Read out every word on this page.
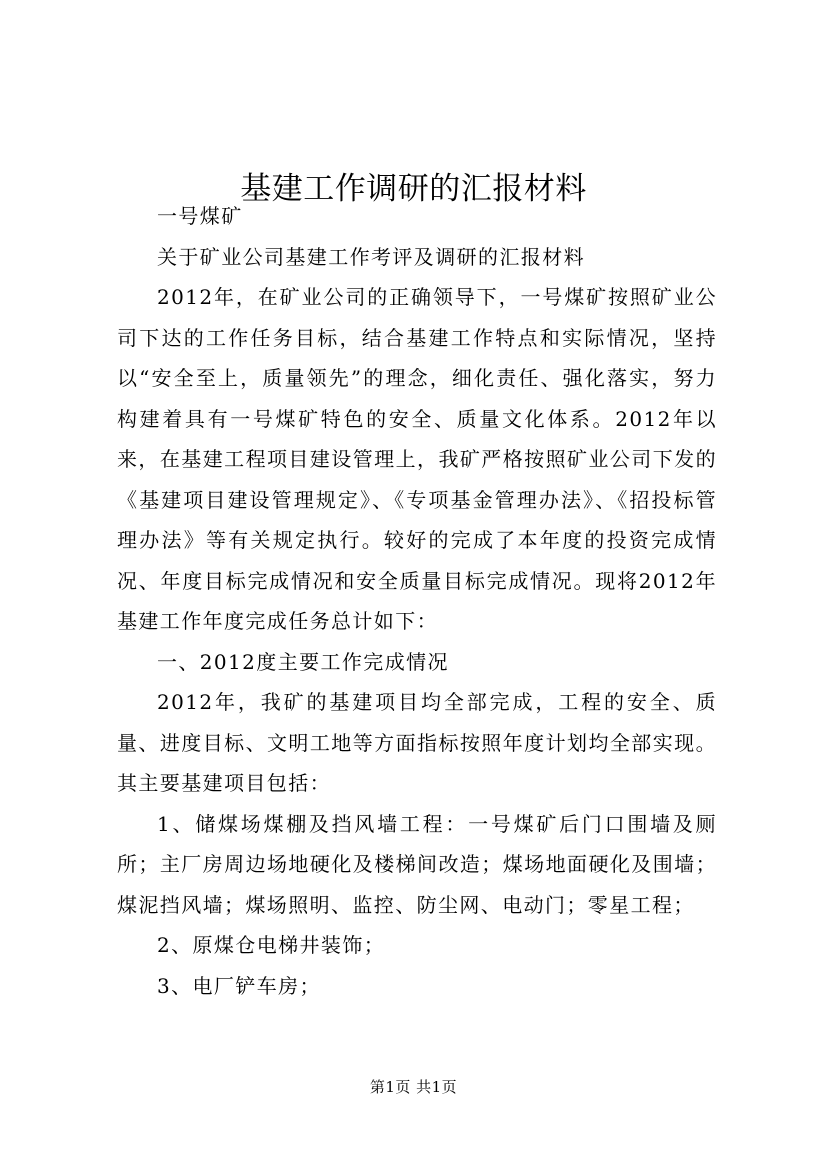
基建工作调研的汇报材料

一号煤矿

关于矿业公司基建工作考评及调研的汇报材料

2012年，在矿业公司的正确领导下，一号煤矿按照矿业公司下达的工作任务目标，结合基建工作特点和实际情况，坚持以“安全至上，质量领先”的理念，细化责任、强化落实，努力构建着具有一号煤矿特色的安全、质量文化体系。2012年以来，在基建工程项目建设管理上，我矿严格按照矿业公司下发的《基建项目建设管理规定》、《专项基金管理办法》、《招投标管理办法》等有关规定执行。较好的完成了本年度的投资完成情况、年度目标完成情况和安全质量目标完成情况。现将2012年基建工作年度完成任务总计如下：

一、2012度主要工作完成情况

2012年，我矿的基建项目均全部完成，工程的安全、质量、进度目标、文明工地等方面指标按照年度计划均全部实现。其主要基建项目包括：

1、储煤场煤棚及挡风墙工程：一号煤矿后门口围墙及厕所；主厂房周边场地硬化及楼梯间改造；煤场地面硬化及围墙；煤泥挡风墙；煤场照明、监控、防尘网、电动门；零星工程；

2、原煤仓电梯井装饰；

3、电厂铲车房；

第1页 共1页
